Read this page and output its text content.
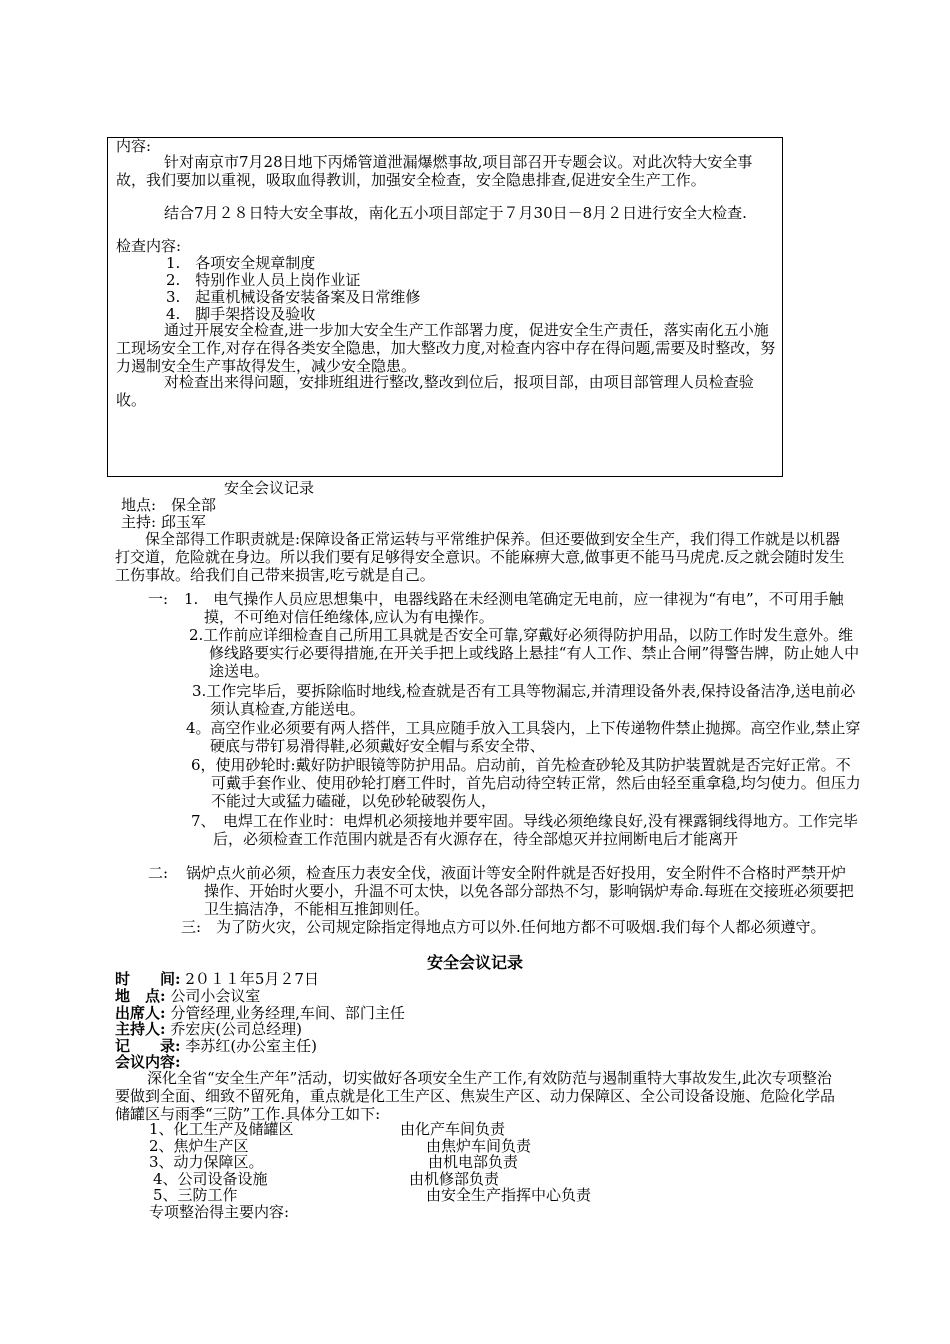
内容:
针对南京市7月28日地下丙烯管道泄漏爆燃事故,项目部召开专题会议。对此次特大安全事故，我们要加以重视，吸取血得教训，加强安全检查，安全隐患排查,促进安全生产工作。
结合7月２８日特大安全事故，南化五小项目部定于７月30日－8月２日进行安全大检查.
检查内容:
1.　各项安全规章制度
2.　特别作业人员上岗作业证
3.　起重机械设备安装备案及日常维修
4.　脚手架搭设及验收
通过开展安全检查,进一步加大安全生产工作部署力度，促进安全生产责任，落实南化五小施工现场安全工作,对存在得各类安全隐患，加大整改力度,对检查内容中存在得问题,需要及时整改，努力遏制安全生产事故得发生，减少安全隐患。
对检查出来得问题，安排班组进行整改,整改到位后，报项目部，由项目部管理人员检查验收。
安全会议记录
地点:　保全部
主持: 邱玉军
保全部得工作职责就是:保障设备正常运转与平常维护保养。但还要做到安全生产，我们得工作就是以机器打交道，危险就在身边。所以我们要有足够得安全意识。不能麻痹大意,做事更不能马马虎虎.反之就会随时发生工伤事故。给我们自己带来损害,吃亏就是自己。
一: 1.　电气操作人员应思想集中，电器线路在未经测电笔确定无电前，应一律视为“有电”，不可用手触摸，不可绝对信任绝缘体,应认为有电操作。
2.工作前应详细检查自己所用工具就是否安全可靠,穿戴好必须得防护用品，以防工作时发生意外。维修线路要实行必要得措施,在开关手把上或线路上悬挂“有人工作、禁止合闸”得警告牌，防止她人中途送电。
3.工作完毕后，要拆除临时地线,检查就是否有工具等物漏忘,并清理设备外表,保持设备洁净,送电前必须认真检查,方能送电。
4。高空作业必须要有两人搭伴，工具应随手放入工具袋内，上下传递物件禁止抛掷。高空作业,禁止穿硬底与带钉易滑得鞋,必须戴好安全帽与系安全带、
6，使用砂轮时:戴好防护眼镜等防护用品。启动前，首先检查砂轮及其防护装置就是否完好正常。不可戴手套作业、使用砂轮打磨工件时，首先启动待空转正常，然后由轻至重拿稳,均匀使力。但压力不能过大或猛力磕碰，以免砂轮破裂伤人，
7、　电焊工在作业时：电焊机必须接地并要牢固。导线必须绝缘良好,没有裸露铜线得地方。工作完毕后，必须检查工作范围内就是否有火源存在，待全部熄灭并拉闸断电后才能离开
二: 锅炉点火前必须，检查压力表安全伐，液面计等安全附件就是否好投用，安全附件不合格时严禁开炉操作、开始时火要小，升温不可太快，以免各部分部热不匀，影响锅炉寿命.每班在交接班必须要把卫生搞洁净，不能相互推卸则任。
三: 为了防火灾，公司规定除指定得地点方可以外.任何地方都不可吸烟.我们每个人都必须遵守。
安全会议记录
时　　间: 2０１１年5月２7日
地　点: 公司小会议室
出席人: 分管经理,业务经理,车间、部门主任
主持人: 乔宏庆(公司总经理)
记　　录: 李苏红(办公室主任)
会议内容:
深化全省“安全生产年”活动，切实做好各项安全生产工作,有效防范与遏制重特大事故发生,此次专项整治要做到全面、细致不留死角，重点就是化工生产区、焦炭生产区、动力保障区、全公司设备设施、危险化学品储罐区与雨季“三防”工作.具体分工如下:
1、化工生产及储罐区	由化产车间负责
2、焦炉生产区	由焦炉车间负责
3、动力保障区。	由机电部负责
4、公司设备设施	由机修部负责
5、三防工作	由安全生产指挥中心负责
专项整治得主要内容:
